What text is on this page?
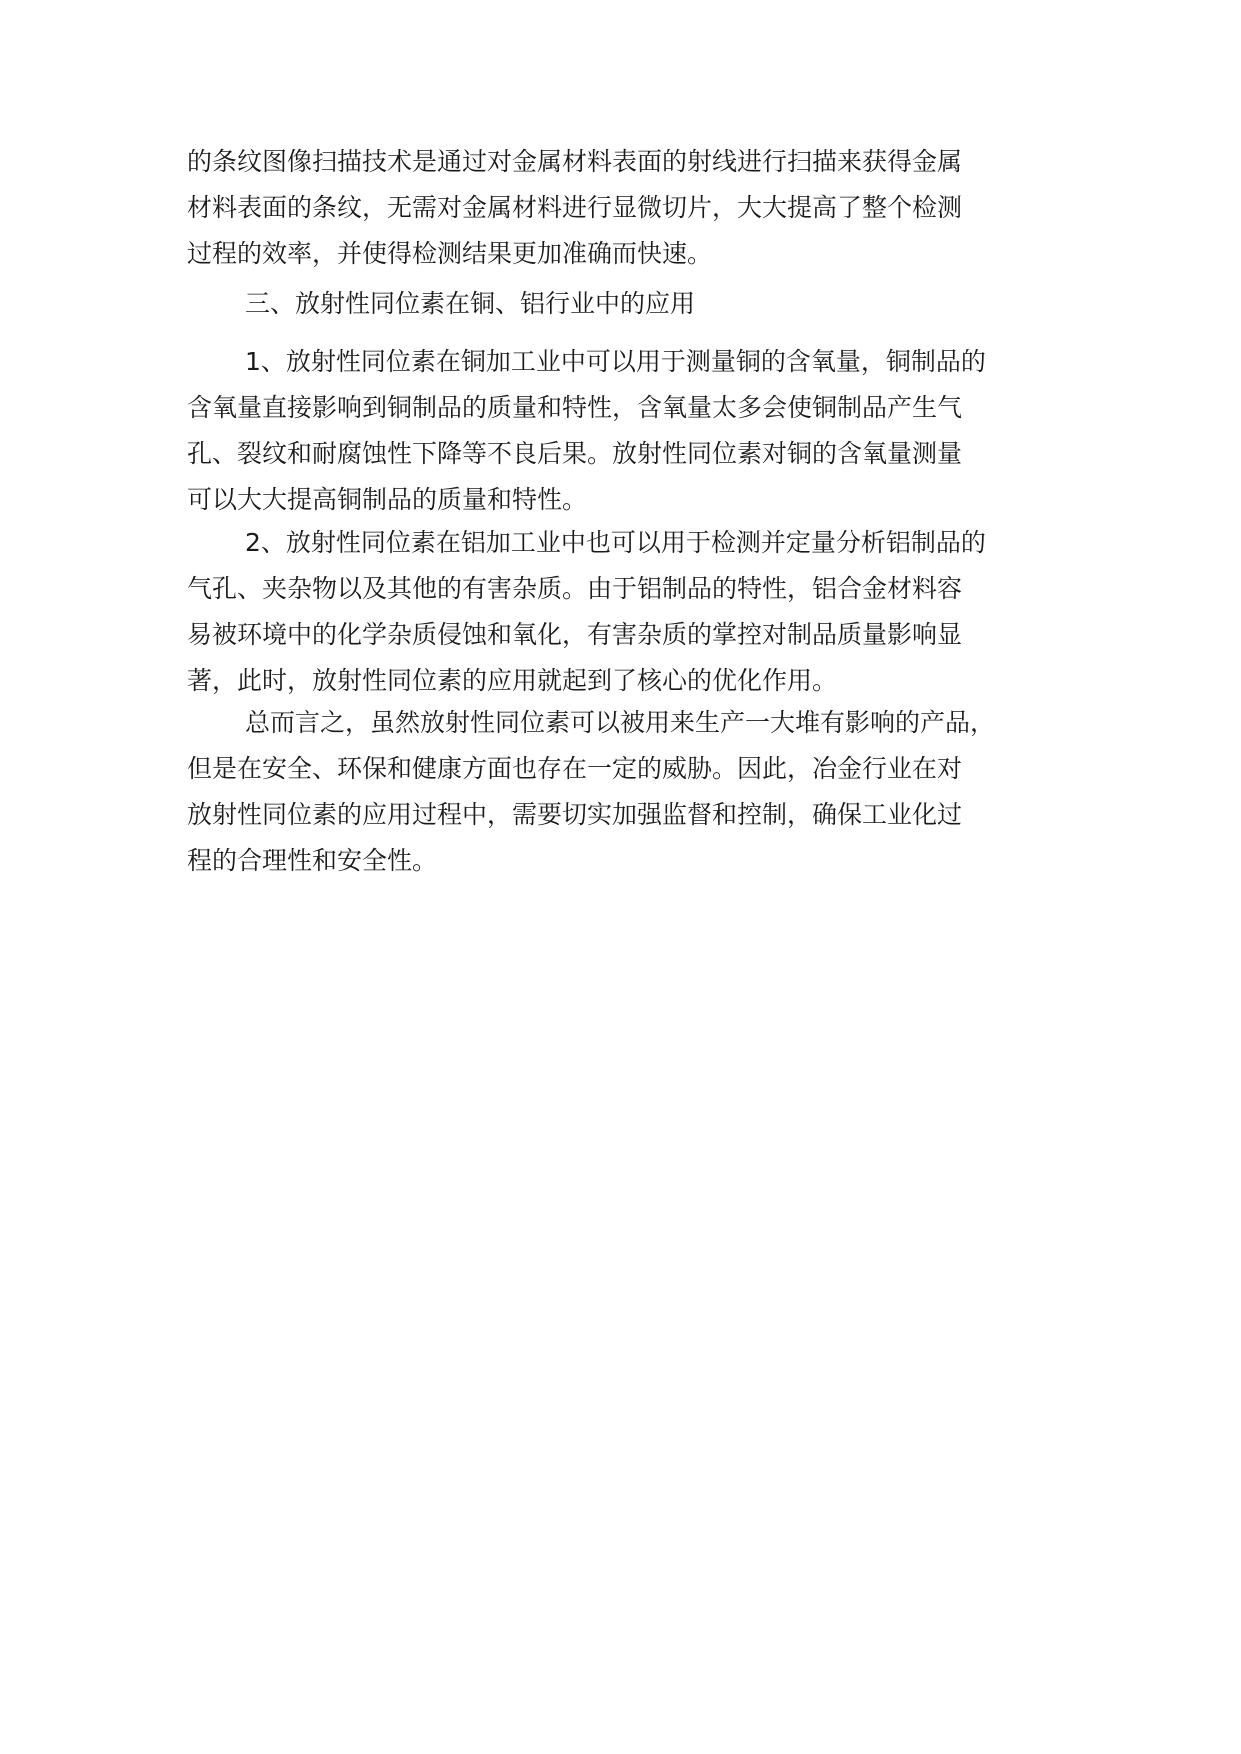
的条纹图像扫描技术是通过对金属材料表面的射线进行扫描来获得金属
材料表面的条纹，无需对金属材料进行显微切片，大大提高了整个检测
过程的效率，并使得检测结果更加准确而快速。

三、放射性同位素在铜、铝行业中的应用

1、放射性同位素在铜加工业中可以用于测量铜的含氧量，铜制品的
含氧量直接影响到铜制品的质量和特性，含氧量太多会使铜制品产生气
孔、裂纹和耐腐蚀性下降等不良后果。放射性同位素对铜的含氧量测量
可以大大提高铜制品的质量和特性。

2、放射性同位素在铝加工业中也可以用于检测并定量分析铝制品的
气孔、夹杂物以及其他的有害杂质。由于铝制品的特性，铝合金材料容
易被环境中的化学杂质侵蚀和氧化，有害杂质的掌控对制品质量影响显
著，此时，放射性同位素的应用就起到了核心的优化作用。

总而言之，虽然放射性同位素可以被用来生产一大堆有影响的产品，
但是在安全、环保和健康方面也存在一定的威胁。因此，冶金行业在对
放射性同位素的应用过程中，需要切实加强监督和控制，确保工业化过
程的合理性和安全性。
